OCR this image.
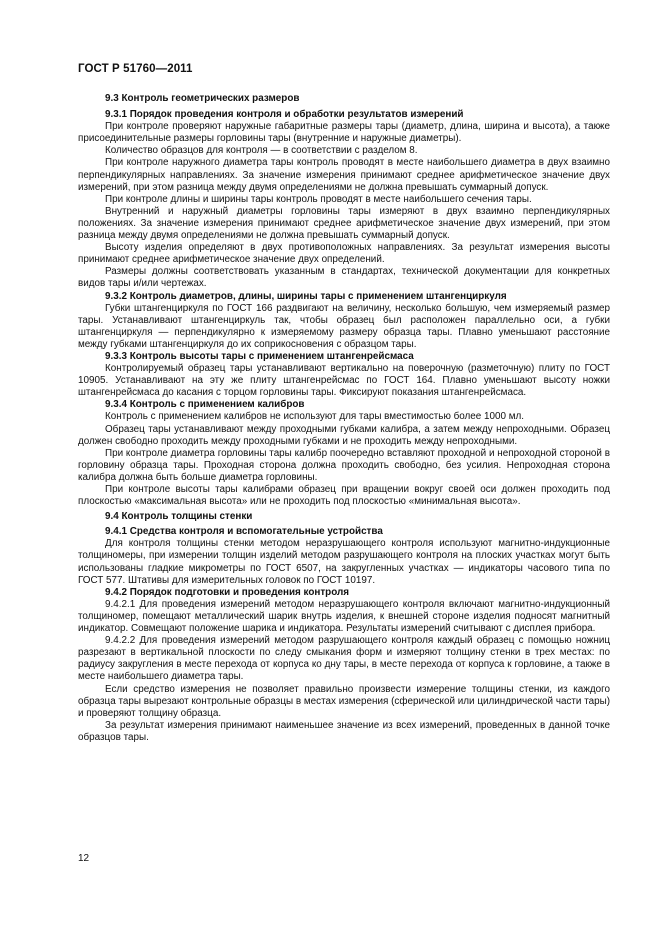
ГОСТ Р 51760—2011
9.3 Контроль геометрических размеров
9.3.1 Порядок проведения контроля и обработки результатов измерений
При контроле проверяют наружные габаритные размеры тары (диаметр, длина, ширина и высота), а также присоединительные размеры горловины тары (внутренние и наружные диаметры).
Количество образцов для контроля — в соответствии с разделом 8.
При контроле наружного диаметра тары контроль проводят в месте наибольшего диаметра в двух взаимно перпендикулярных направлениях. За значение измерения принимают среднее арифметическое значение двух измерений, при этом разница между двумя определениями не должна превышать суммарный допуск.
При контроле длины и ширины тары контроль проводят в месте наибольшего сечения тары.
Внутренний и наружный диаметры горловины тары измеряют в двух взаимно перпендикулярных положениях. За значение измерения принимают среднее арифметическое значение двух измерений, при этом разница между двумя определениями не должна превышать суммарный допуск.
Высоту изделия определяют в двух противоположных направлениях. За результат измерения высоты принимают среднее арифметическое значение двух определений.
Размеры должны соответствовать указанным в стандартах, технической документации для конкретных видов тары и/или чертежах.
9.3.2 Контроль диаметров, длины, ширины тары с применением штангенциркуля
Губки штангенциркуля по ГОСТ 166 раздвигают на величину, несколько большую, чем измеряемый размер тары. Устанавливают штангенциркуль так, чтобы образец был расположен параллельно оси, а губки штангенциркуля — перпендикулярно к измеряемому размеру образца тары. Плавно уменьшают расстояние между губками штангенциркуля до их соприкосновения с образцом тары.
9.3.3 Контроль высоты тары с применением штангенрейсмаса
Контролируемый образец тары устанавливают вертикально на поверочную (разметочную) плиту по ГОСТ 10905. Устанавливают на эту же плиту штангенрейсмас по ГОСТ 164. Плавно уменьшают высоту ножки штангенрейсмаса до касания с торцом горловины тары. Фиксируют показания штангенрейсмаса.
9.3.4 Контроль с применением калибров
Контроль с применением калибров не используют для тары вместимостью более 1000 мл.
Образец тары устанавливают между проходными губками калибра, а затем между непроходными. Образец должен свободно проходить между проходными губками и не проходить между непроходными.
При контроле диаметра горловины тары калибр поочередно вставляют проходной и непроходной стороной в горловину образца тары. Проходная сторона должна проходить свободно, без усилия. Непроходная сторона калибра должна быть больше диаметра горловины.
При контроле высоты тары калибрами образец при вращении вокруг своей оси должен проходить под плоскостью «максимальная высота» или не проходить под плоскостью «минимальная высота».
9.4 Контроль толщины стенки
9.4.1 Средства контроля и вспомогательные устройства
Для контроля толщины стенки методом неразрушающего контроля используют магнитно-индукционные толщиномеры, при измерении толщин изделий методом разрушающего контроля на плоских участках могут быть использованы гладкие микрометры по ГОСТ 6507, на закругленных участках — индикаторы часового типа по ГОСТ 577. Штативы для измерительных головок по ГОСТ 10197.
9.4.2 Порядок подготовки и проведения контроля
9.4.2.1 Для проведения измерений методом неразрушающего контроля включают магнитно-индукционный толщиномер, помещают металлический шарик внутрь изделия, к внешней стороне изделия подносят магнитный индикатор. Совмещают положение шарика и индикатора. Результаты измерений считывают с дисплея прибора.
9.4.2.2 Для проведения измерений методом разрушающего контроля каждый образец с помощью ножниц разрезают в вертикальной плоскости по следу смыкания форм и измеряют толщину стенки в трех местах: по радиусу закругления в месте перехода от корпуса ко дну тары, в месте перехода от корпуса к горловине, а также в месте наибольшего диаметра тары.
Если средство измерения не позволяет правильно произвести измерение толщины стенки, из каждого образца тары вырезают контрольные образцы в местах измерения (сферической или цилиндрической части тары) и проверяют толщину образца.
За результат измерения принимают наименьшее значение из всех измерений, проведенных в данной точке образцов тары.
12
